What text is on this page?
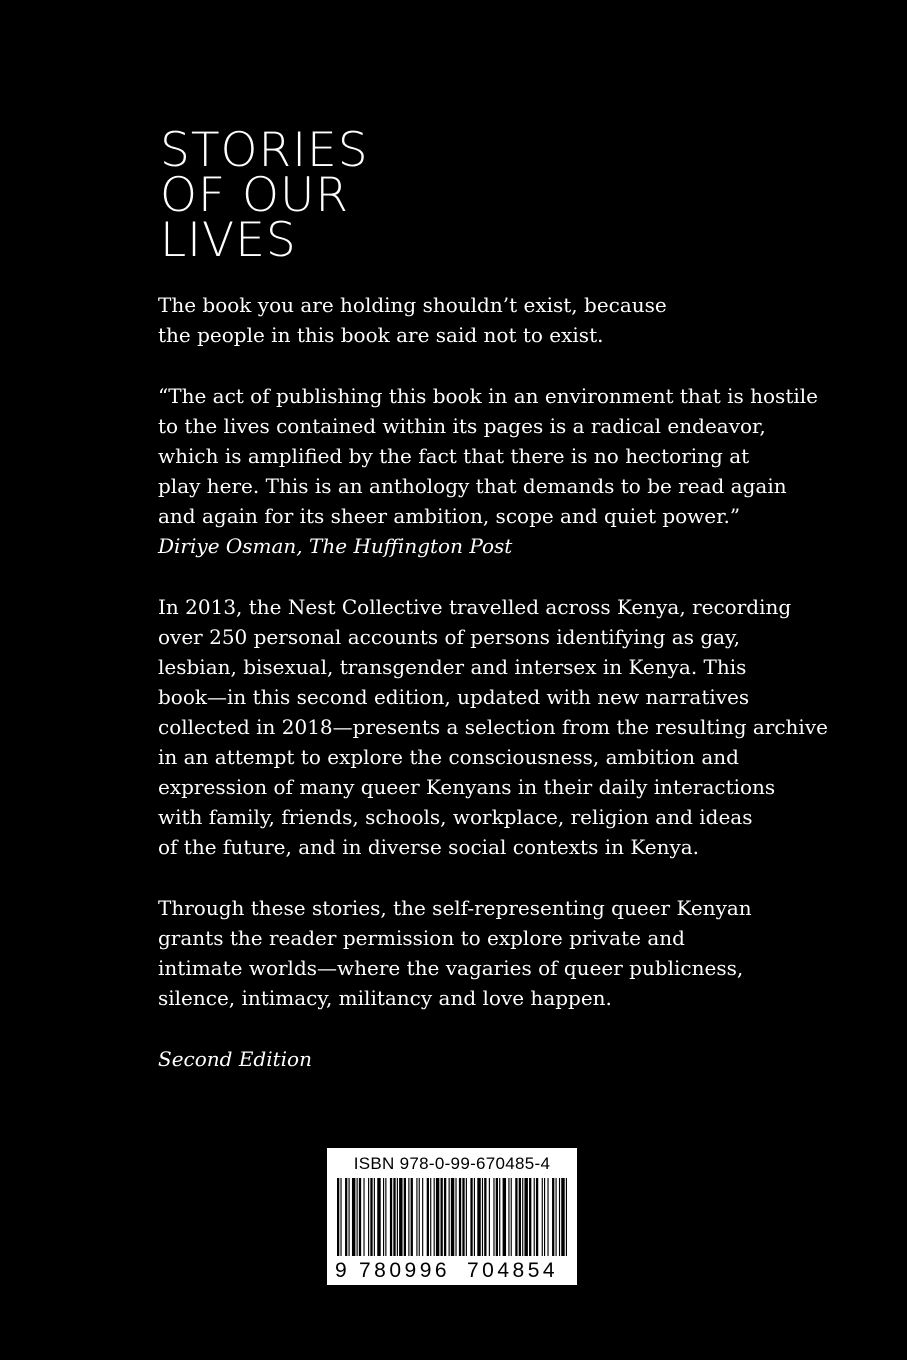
STORIES
OF OUR
LIVES

The book you are holding shouldn’t exist, because
the people in this book are said not to exist.

“The act of publishing this book in an environment that is hostile
to the lives contained within its pages is a radical endeavor,
which is amplified by the fact that there is no hectoring at
play here. This is an anthology that demands to be read again
and again for its sheer ambition, scope and quiet power.”
Diriye Osman, The Huffington Post

In 2013, the Nest Collective travelled across Kenya, recording
over 250 personal accounts of persons identifying as gay,
lesbian, bisexual, transgender and intersex in Kenya. This
book—in this second edition, updated with new narratives
collected in 2018—presents a selection from the resulting archive
in an attempt to explore the consciousness, ambition and
expression of many queer Kenyans in their daily interactions
with family, friends, schools, workplace, religion and ideas
of the future, and in diverse social contexts in Kenya.

Through these stories, the self-representing queer Kenyan
grants the reader permission to explore private and
intimate worlds—where the vagaries of queer publicness,
silence, intimacy, militancy and love happen.

Second Edition

ISBN 978-0-99-670485-4
9 780996 704854
